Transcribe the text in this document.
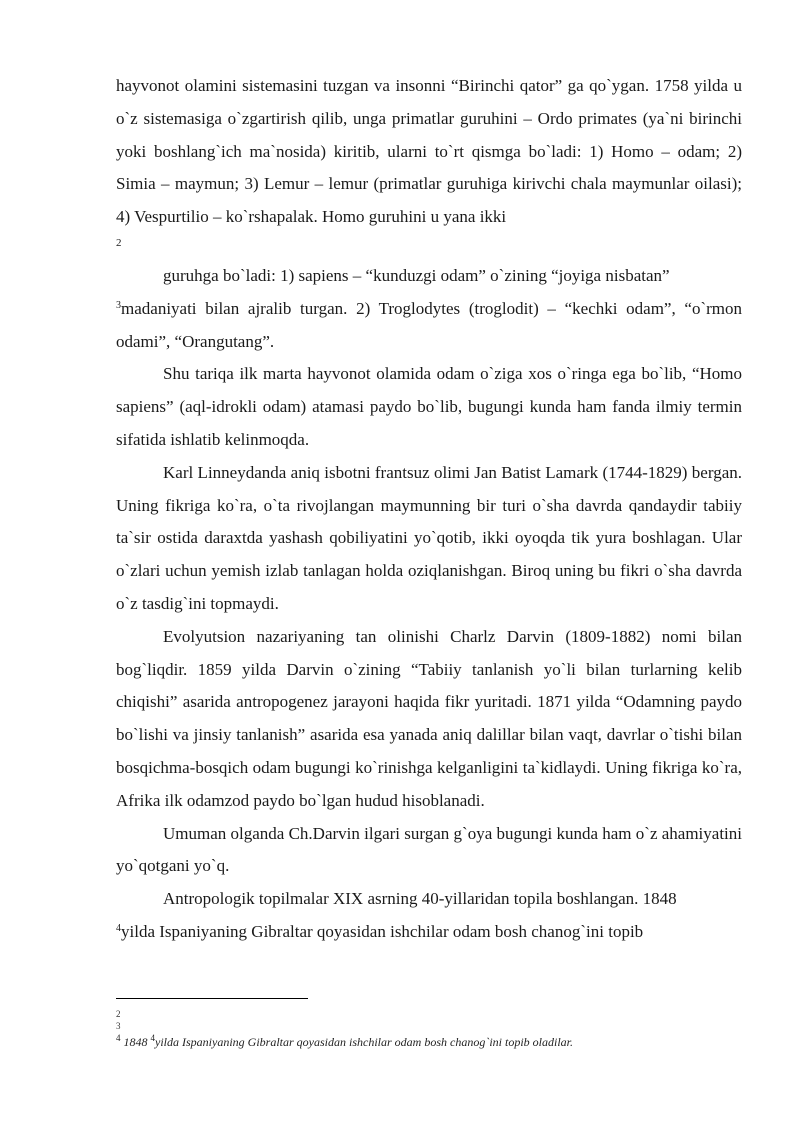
hayvonot olamini sistemasini tuzgan va insonni “Birinchi qator” ga qo`ygan. 1758 yilda u o`z sistemasiga o`zgartirish qilib, unga primatlar guruhini – Ordo primates (ya`ni birinchi yoki boshlang`ich ma`nosida) kiritib, ularni to`rt qismga bo`ladi: 1) Homo – odam; 2) Simia – maymun; 3) Lemur – lemur (primatlar guruhiga kirivchi chala maymunlar oilasi); 4) Vespurtilio – ko`rshapalak. Homo guruhini u yana ikki

2

guruhga bo`ladi: 1) sapiens – “kunduzgi odam” o`zining “joyiga nisbatan”

$^3$madaniyati bilan ajralib turgan. 2) Troglodytes (troglodit) – “kechki odam”, “o`rmon odami”, “Orangutang”.

Shu tariqa ilk marta hayvonot olamida odam o`ziga xos o`ringa ega bo`lib, “Homo sapiens” (aql-idrokli odam) atamasi paydo bo`lib, bugungi kunda ham fanda ilmiy termin sifatida ishlatib kelinmoqda.

Karl Linneydanda aniq isbotni frantsuz olimi Jan Batist Lamark (1744-1829) bergan. Uning fikriga ko`ra, o`ta rivojlangan maymunning bir turi o`sha davrda qandaydir tabiiy ta`sir ostida daraxtda yashash qobiliyatini yo`qotib, ikki oyoqda tik yura boshlagan. Ular o`zlari uchun yemish izlab tanlagan holda oziqlanishgan. Biroq uning bu fikri o`sha davrda o`z tasdig`ini topmaydi.

Evolyutsion nazariyaning tan olinishi Charlz Darvin (1809-1882) nomi bilan bog`liqdir. 1859 yilda Darvin o`zining “Tabiiy tanlanish yo`li bilan turlarning kelib chiqishi” asarida antropogenez jarayoni haqida fikr yuritadi. 1871 yilda “Odamning paydo bo`lishi va jinsiy tanlanish” asarida esa yanada aniq dalillar bilan vaqt, davrlar o`tishi bilan bosqichma-bosqich odam bugungi ko`rinishga kelganligini ta`kidlaydi. Uning fikriga ko`ra, Afrika ilk odamzod paydo bo`lgan hudud hisoblanadi.

Umuman olganda Ch.Darvin ilgari surgan g`oya bugungi kunda ham o`z ahamiyatini yo`qotgani yo`q.

Antropologik topilmalar XIX asrning 40-yillaridan topila boshlangan. 1848

$^4$yilda Ispaniyaning Gibraltar qoyasidan ishchilar odam bosh chanog`ini topib

2

3

$^4$ 1848 $^4$yilda Ispaniyaning Gibraltar qoyasidan ishchilar odam bosh chanog`ini topib oladilar.
